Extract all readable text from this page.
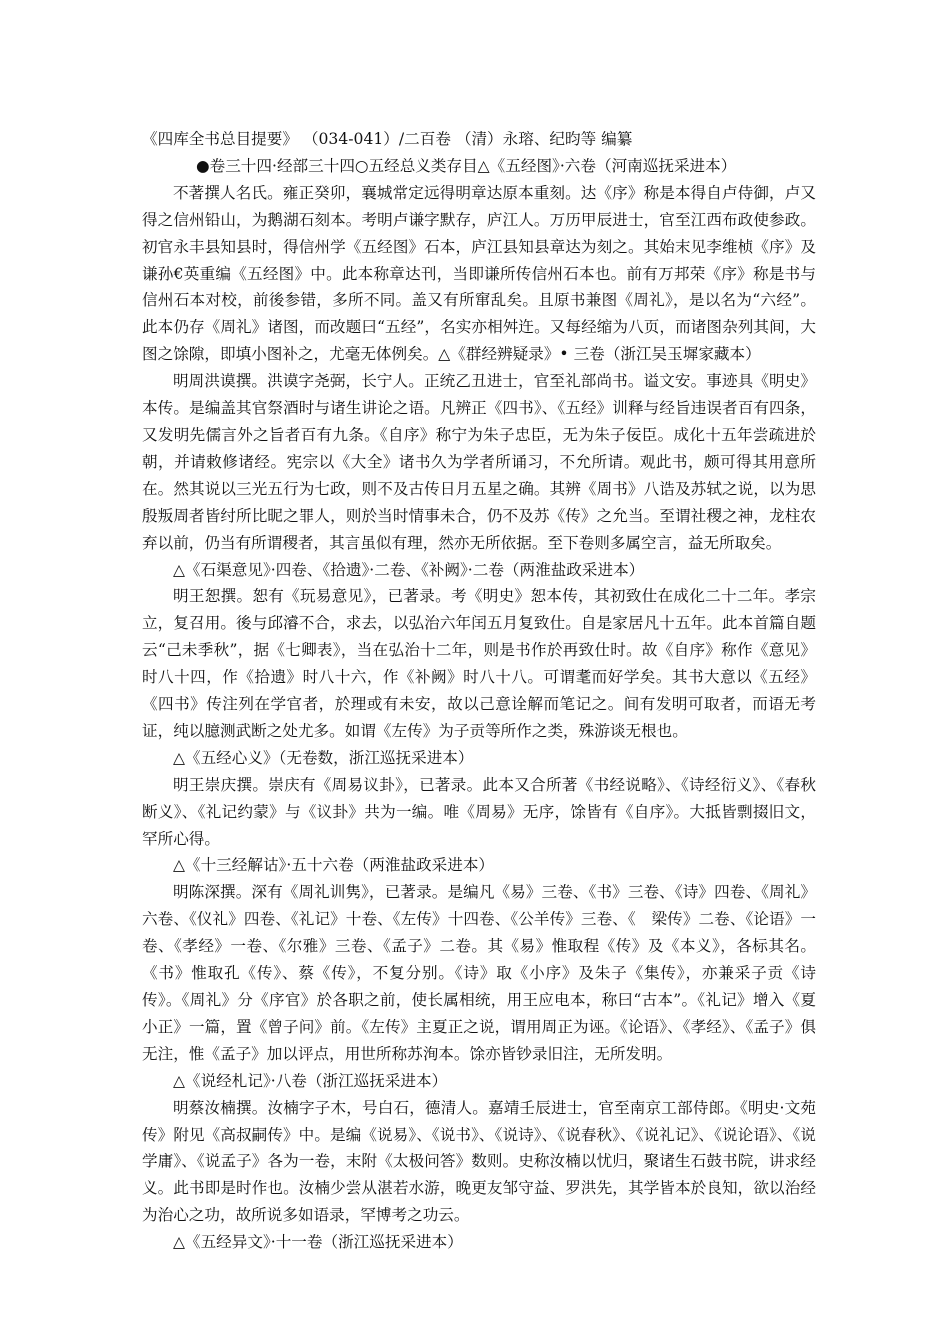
《四库全书总目提要》 （034-041）/二百卷 （清）永瑢、纪昀等 编纂
●卷三十四·经部三十四○五经总义类存目△《五经图》·六卷（河南巡抚采进本）

不著撰人名氏。雍正癸卯，襄城常定远得明章达原本重刻。达《序》称是本得自卢侍御，卢又得之信州铅山，为鹅湖石刻本。考明卢谦字默存，庐江人。万历甲辰进士，官至江西布政使参政。初官永丰县知县时，得信州学《五经图》石本，庐江县知县章达为刻之。其始末见李维桢《序》及谦孙€英重编《五经图》中。此本称章达刊，当即谦所传信州石本也。前有万邦荣《序》称是书与信州石本对校，前後参错，多所不同。盖又有所窜乱矣。且原书兼图《周礼》，是以名为“六经”。此本仍存《周礼》诸图，而改题曰“五经”，名实亦相舛迕。又每经缩为八页，而诸图杂列其间，大图之馀隙，即填小图补之，尤毫无体例矣。△《群经辨疑录》• 三卷（浙江吴玉墀家藏本）

明周洪谟撰。洪谟字尧弼，长宁人。正统乙丑进士，官至礼部尚书。谥文安。事迹具《明史》本传。是编盖其官祭酒时与诸生讲论之语。凡辨正《四书》、《五经》训释与经旨违误者百有四条，又发明先儒言外之旨者百有九条。《自序》称宁为朱子忠臣，无为朱子佞臣。成化十五年尝疏进於朝，并请敕修诸经。宪宗以《大全》诸书久为学者所诵习，不允所请。观此书，颇可得其用意所在。然其说以三光五行为七政，则不及古传日月五星之确。其辨《周书》八诰及苏轼之说，以为思殷叛周者皆纣所比昵之罪人，则於当时情事未合，仍不及苏《传》之允当。至谓社稷之神，龙柱农弃以前，仍当有所谓稷者，其言虽似有理，然亦无所依据。至下卷则多属空言，益无所取矣。

△《石渠意见》·四卷、《拾遗》·二卷、《补阙》·二卷（两淮盐政采进本）

明王恕撰。恕有《玩易意见》，已著录。考《明史》恕本传，其初致仕在成化二十二年。孝宗立，复召用。後与邱濬不合，求去，以弘治六年闰五月复致仕。自是家居凡十五年。此本首篇自题云“己未季秋”，据《七卿表》，当在弘治十二年，则是书作於再致仕时。故《自序》称作《意见》时八十四，作《拾遗》时八十六，作《补阙》时八十八。可谓耄而好学矣。其书大意以《五经》《四书》传注列在学官者，於理或有未安，故以己意诠解而笔记之。间有发明可取者，而语无考证，纯以臆测武断之处尤多。如谓《左传》为子贡等所作之类，殊游谈无根也。

△《五经心义》（无卷数，浙江巡抚采进本）

明王崇庆撰。崇庆有《周易议卦》，已著录。此本又合所著《书经说略》、《诗经衍义》、《春秋断义》、《礼记约蒙》与《议卦》共为一编。唯《周易》无序，馀皆有《自序》。大抵皆剽掇旧文，罕所心得。

△《十三经解诂》·五十六卷（两淮盐政采进本）

明陈深撰。深有《周礼训隽》，已著录。是编凡《易》三卷、《书》三卷、《诗》四卷、《周礼》六卷、《仪礼》四卷、《礼记》十卷、《左传》十四卷、《公羊传》三卷、《　梁传》二卷、《论语》一卷、《孝经》一卷、《尔雅》三卷、《孟子》二卷。其《易》惟取程《传》及《本义》，各标其名。《书》惟取孔《传》、蔡《传》，不复分别。《诗》取《小序》及朱子《集传》，亦兼采子贡《诗传》。《周礼》分《序官》於各职之前，使长属相统，用王应电本，称曰“古本”。《礼记》增入《夏小正》一篇，置《曾子问》前。《左传》主夏正之说，谓用周正为诬。《论语》、《孝经》、《孟子》俱无注，惟《孟子》加以评点，用世所称苏洵本。馀亦皆钞录旧注，无所发明。

△《说经札记》·八卷（浙江巡抚采进本）

明蔡汝楠撰。汝楠字子木，号白石，德清人。嘉靖壬辰进士，官至南京工部侍郎。《明史·文苑传》附见《高叔嗣传》中。是编《说易》、《说书》、《说诗》、《说春秋》、《说礼记》、《说论语》、《说学庸》、《说孟子》各为一卷，末附《太极问答》数则。史称汝楠以忧归，聚诸生石鼓书院，讲求经义。此书即是时作也。汝楠少尝从湛若水游，晚更友邹守益、罗洪先，其学皆本於良知，欲以治经为治心之功，故所说多如语录，罕博考之功云。

△《五经异文》·十一卷（浙江巡抚采进本）
